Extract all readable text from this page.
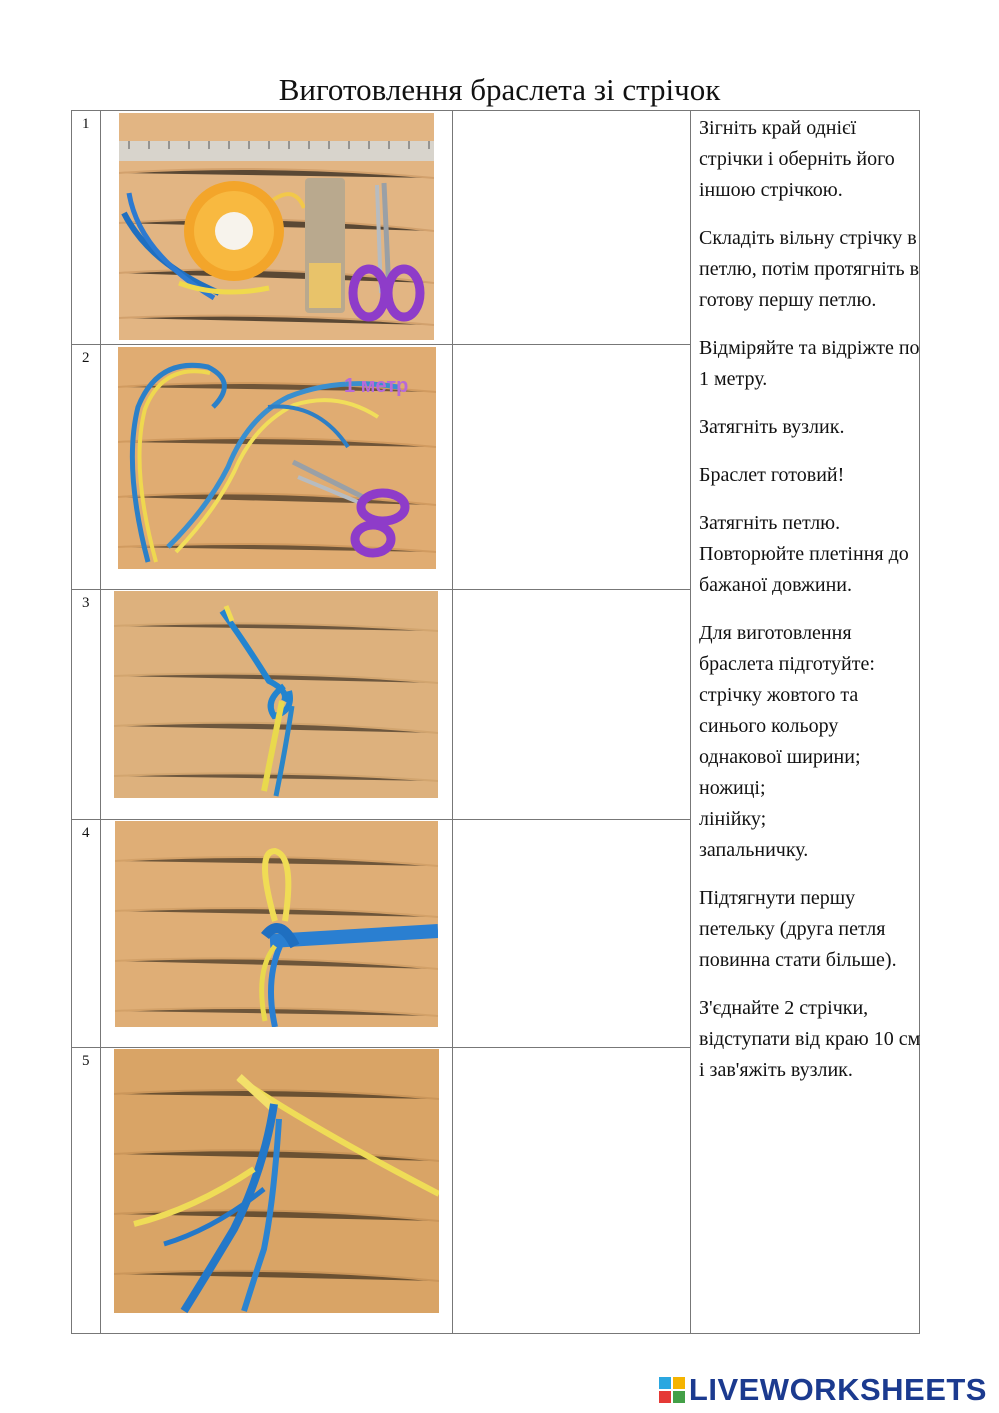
Виготовлення браслета зі стрічок
1
2
3
4
5
1 метр

Зігніть край однієї стрічки і оберніть його іншою стрічкою.

Складіть вільну стрічку в петлю, потім протягніть в готову першу петлю.

Відміряйте та відріжте по 1 метру.

Затягніть вузлик.

Браслет готовий!

Затягніть петлю. Повторюйте плетіння до бажаної довжини.

Для виготовлення браслета підготуйте:
стрічку жовтого та синього кольору однакової ширини;
ножиці;
лінійку;
запальничку.

Підтягнути першу петельку (друга петля повинна стати більше).

З'єднайте 2 стрічки, відступати від краю 10 см і зав'яжіть вузлик.

LIVEWORKSHEETS
